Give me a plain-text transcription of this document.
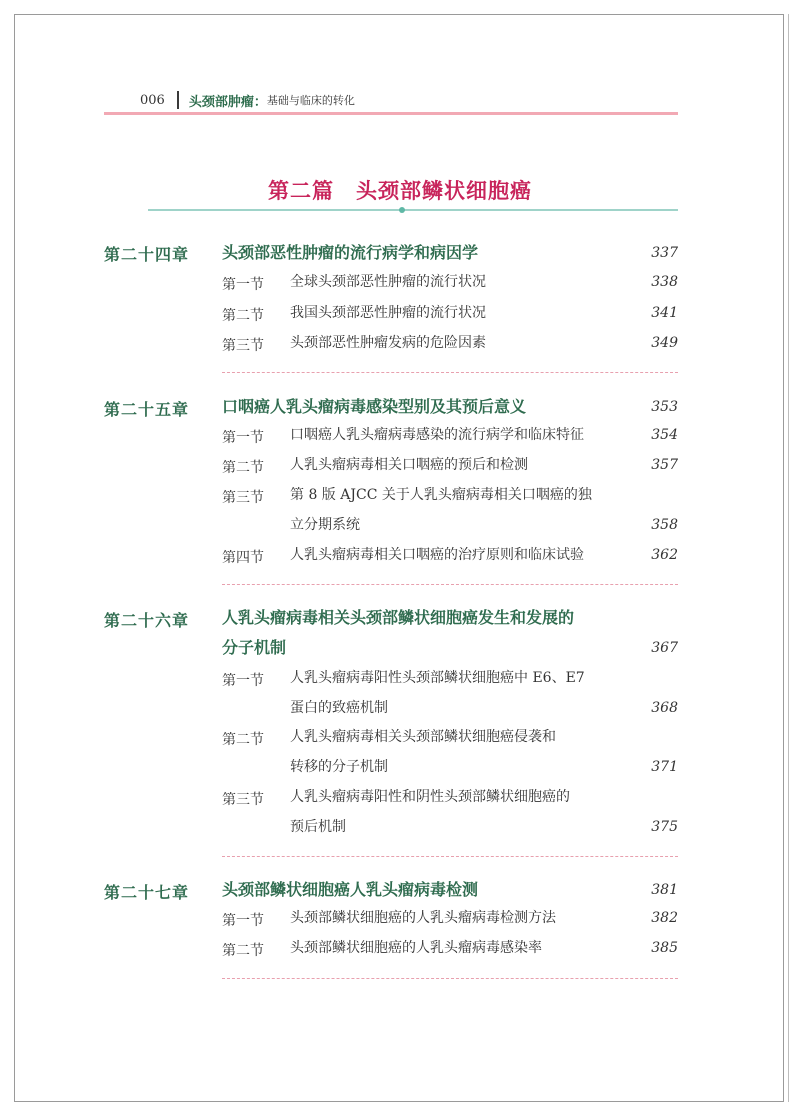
006 头颈部肿瘤： 基础与临床的转化
第二篇　头颈部鳞状细胞癌
第二十四章 头颈部恶性肿瘤的流行病学和病因学	337
第一节 全球头颈部恶性肿瘤的流行状况	338
第二节 我国头颈部恶性肿瘤的流行状况	341
第三节 头颈部恶性肿瘤发病的危险因素	349
第二十五章 口咽癌人乳头瘤病毒感染型别及其预后意义	353
第一节 口咽癌人乳头瘤病毒感染的流行病学和临床特征	354
第二节 人乳头瘤病毒相关口咽癌的预后和检测	357
第三节 第 8 版 AJCC 关于人乳头瘤病毒相关口咽癌的独
立分期系统	358
第四节 人乳头瘤病毒相关口咽癌的治疗原则和临床试验	362
第二十六章 人乳头瘤病毒相关头颈部鳞状细胞癌发生和发展的
分子机制	367
第一节 人乳头瘤病毒阳性头颈部鳞状细胞癌中 E6、E7
蛋白的致癌机制	368
第二节 人乳头瘤病毒相关头颈部鳞状细胞癌侵袭和
转移的分子机制	371
第三节 人乳头瘤病毒阳性和阴性头颈部鳞状细胞癌的
预后机制	375
第二十七章 头颈部鳞状细胞癌人乳头瘤病毒检测	381
第一节 头颈部鳞状细胞癌的人乳头瘤病毒检测方法	382
第二节 头颈部鳞状细胞癌的人乳头瘤病毒感染率	385
